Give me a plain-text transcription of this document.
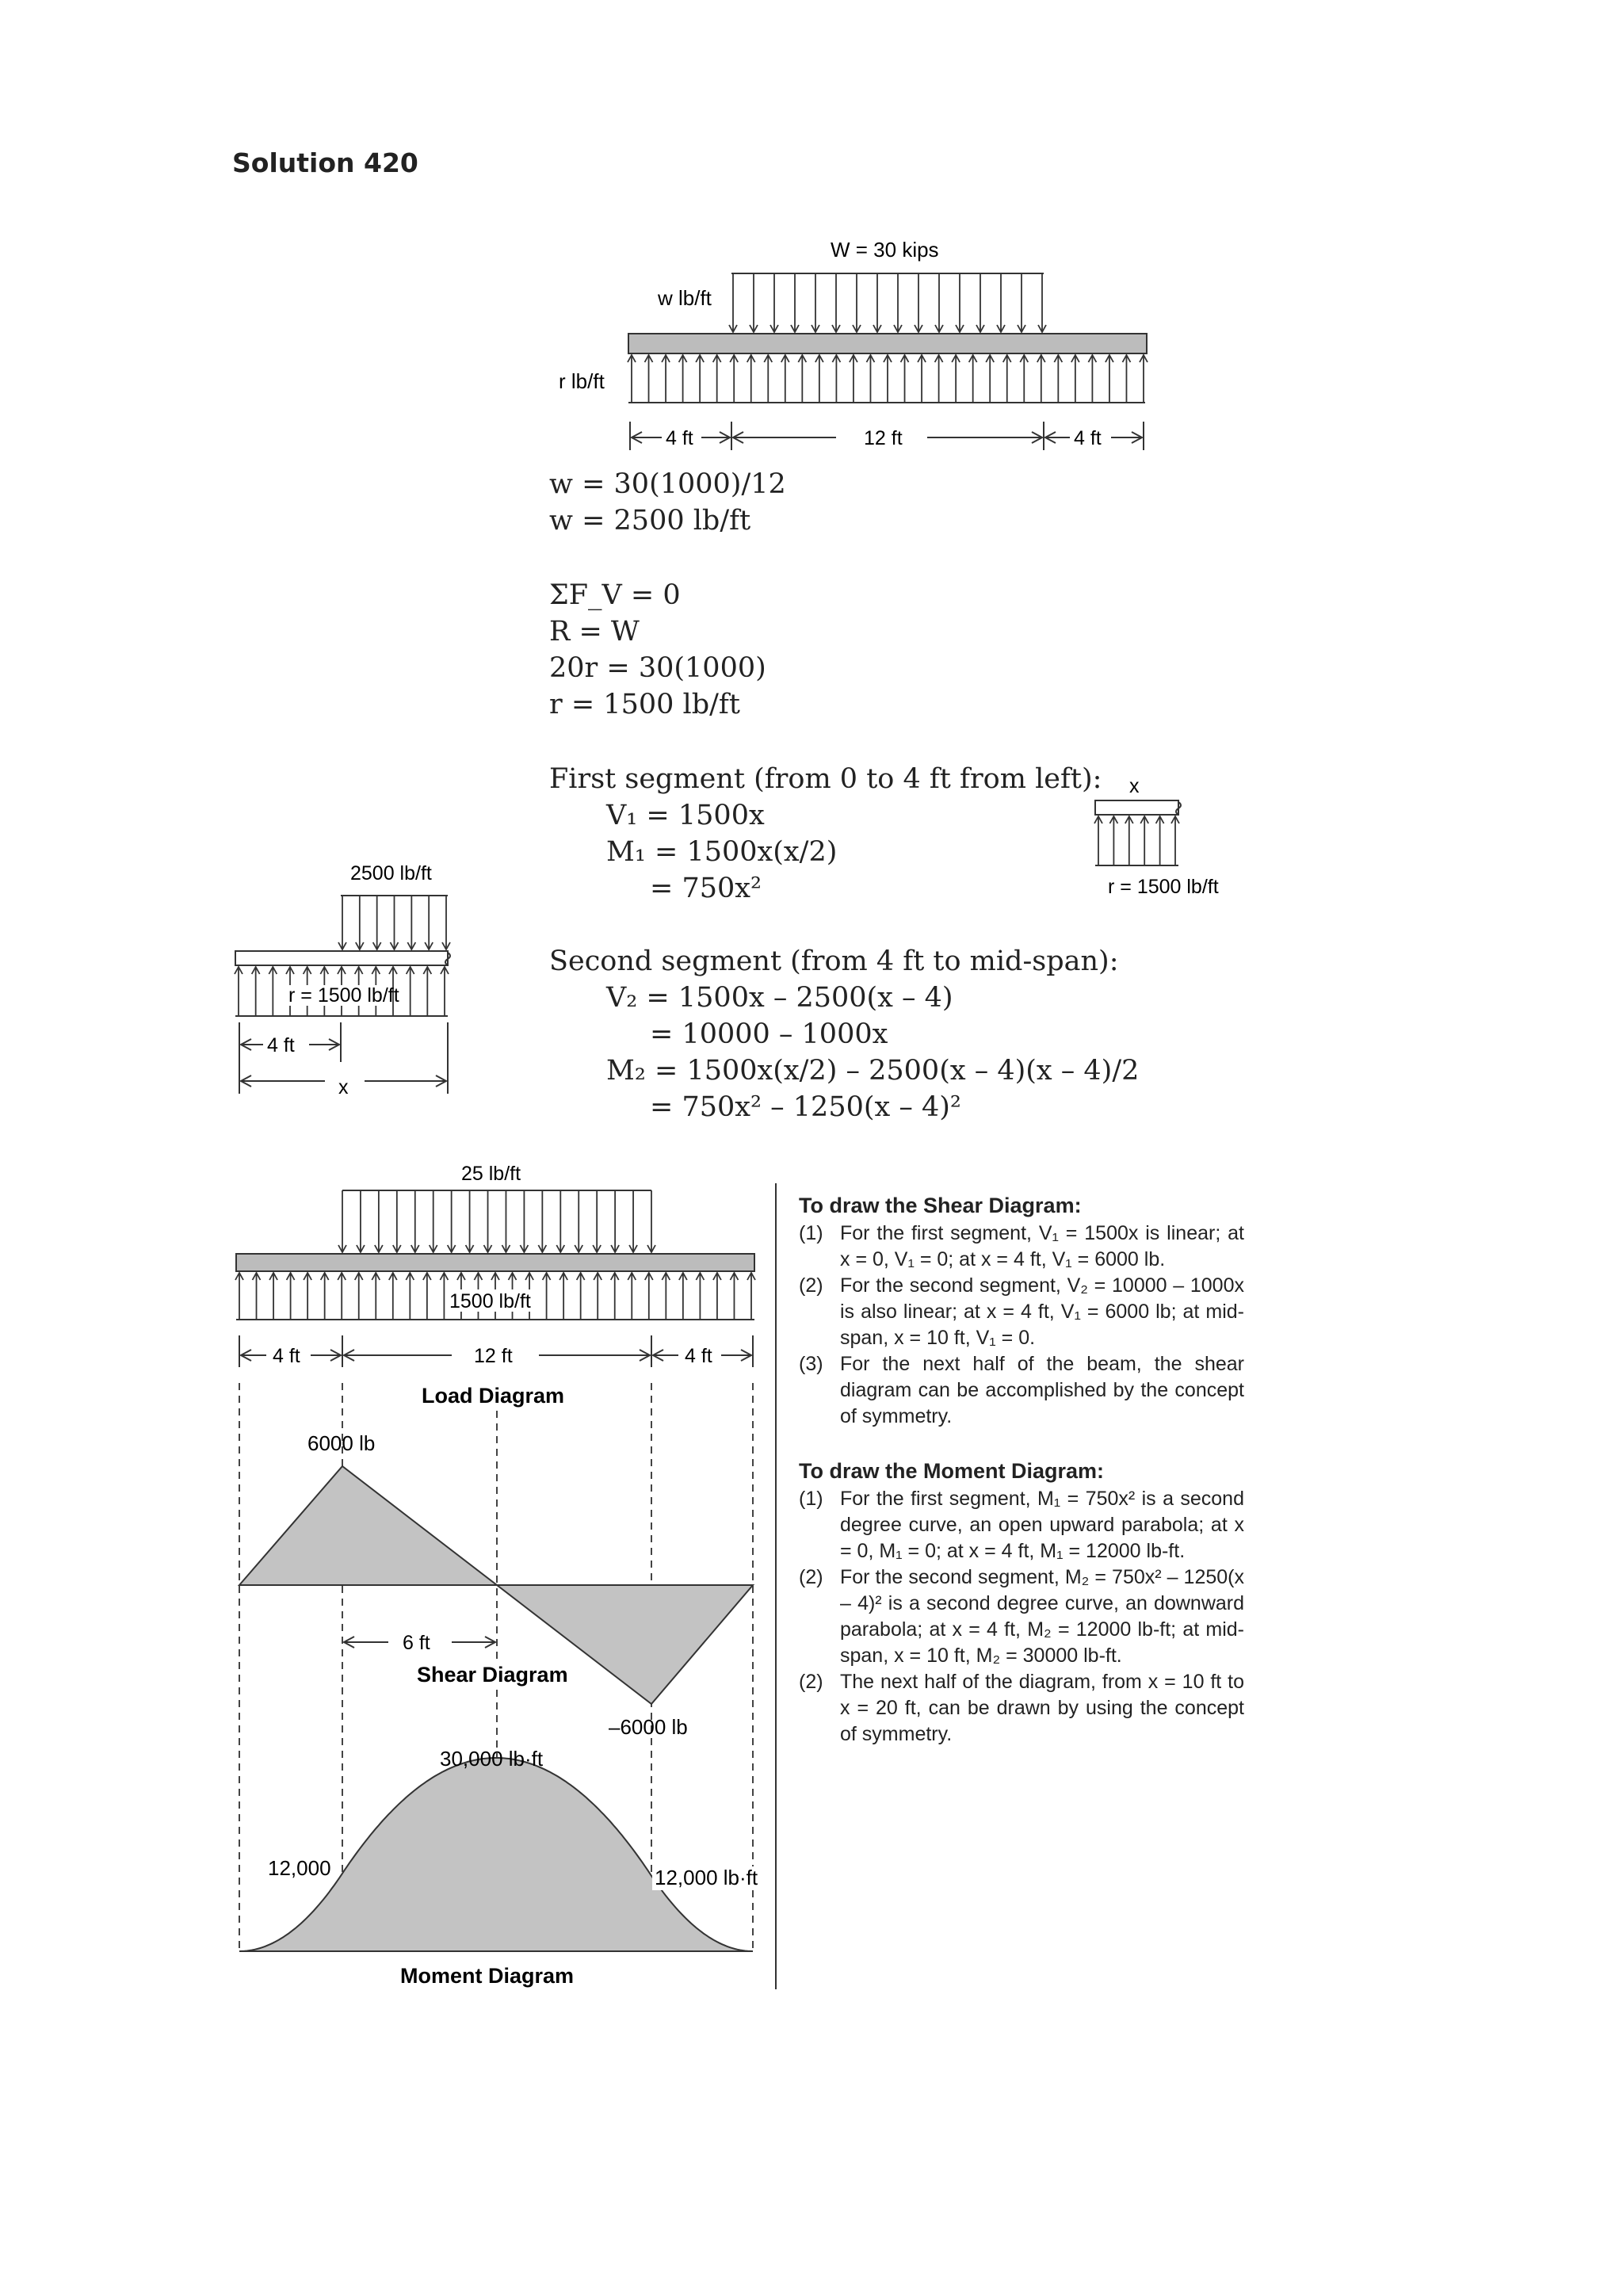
Solution 420
W = 30 kips
w lb/ft
r lb/ft
4 ft	12 ft	4 ft
w = 30(1000)/12
w = 2500 lb/ft
ΣF_V = 0
R = W
20r = 30(1000)
r = 1500 lb/ft
First segment (from 0 to 4 ft from left):
V₁ = 1500x
M₁ = 1500x(x/2)
= 750x²
x
r = 1500 lb/ft
Second segment (from 4 ft to mid-span):
V₂ = 1500x – 2500(x – 4)
= 10000 – 1000x
M₂ = 1500x(x/2) – 2500(x – 4)(x – 4)/2
= 750x² – 1250(x – 4)²
2500 lb/ft
r = 1500 lb/ft
4 ft
x
25 lb/ft
1500 lb/ft
4 ft	12 ft	4 ft
Load Diagram
6000 lb
–6000 lb
6 ft
Shear Diagram
30,000 lb·ft
12,000	12,000 lb·ft
Moment Diagram
To draw the Shear Diagram:
(1) For the first segment, V₁ = 1500x is linear; at x = 0, V₁ = 0; at x = 4 ft, V₁ = 6000 lb.
(2) For the second segment, V₂ = 10000 – 1000x is also linear; at x = 4 ft, V₁ = 6000 lb; at mid-span, x = 10 ft, V₁ = 0.
(3) For the next half of the beam, the shear diagram can be accomplished by the concept of symmetry.
To draw the Moment Diagram:
(1) For the first segment, M₁ = 750x² is a second degree curve, an open upward parabola; at x = 0, M₁ = 0; at x = 4 ft, M₁ = 12000 lb-ft.
(2) For the second segment, M₂ = 750x² – 1250(x – 4)² is a second degree curve, an downward parabola; at x = 4 ft, M₂ = 12000 lb-ft; at mid-span, x = 10 ft, M₂ = 30000 lb-ft.
(2) The next half of the diagram, from x = 10 ft to x = 20 ft, can be drawn by using the concept of symmetry.
